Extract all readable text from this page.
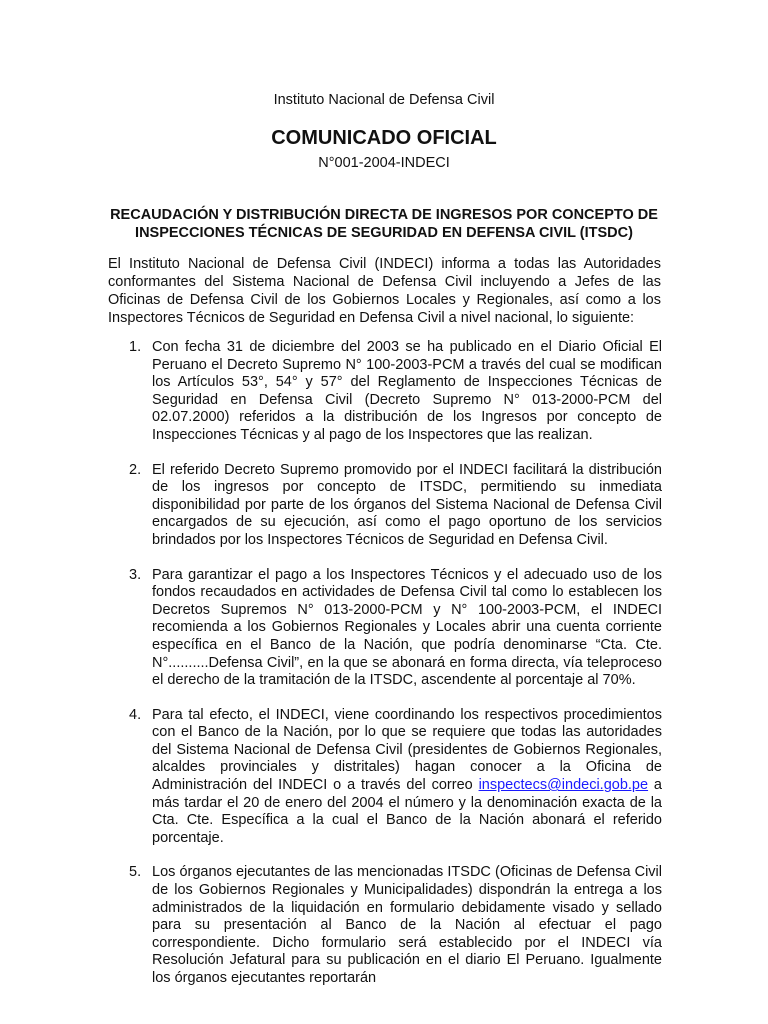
Instituto Nacional de Defensa Civil
COMUNICADO OFICIAL
N°001-2004-INDECI
RECAUDACIÓN Y DISTRIBUCIÓN DIRECTA DE INGRESOS POR CONCEPTO DE INSPECCIONES TÉCNICAS DE SEGURIDAD EN DEFENSA CIVIL (ITSDC)
El Instituto Nacional de Defensa Civil (INDECI) informa a todas las Autoridades conformantes del Sistema Nacional de Defensa Civil incluyendo a Jefes de las Oficinas de Defensa Civil de los Gobiernos Locales y Regionales, así como a los Inspectores Técnicos de Seguridad en Defensa Civil a nivel nacional, lo siguiente:
1. Con fecha 31 de diciembre del 2003 se ha publicado en el Diario Oficial El Peruano el Decreto Supremo N° 100-2003-PCM a través del cual se modifican los Artículos 53°, 54° y 57° del Reglamento de Inspecciones Técnicas de Seguridad en Defensa Civil (Decreto Supremo N° 013-2000-PCM del 02.07.2000) referidos a la distribución de los Ingresos por concepto de Inspecciones Técnicas y al pago de los Inspectores que las realizan.
2. El referido Decreto Supremo promovido por el INDECI facilitará la distribución de los ingresos por concepto de ITSDC, permitiendo su inmediata disponibilidad por parte de los órganos del Sistema Nacional de Defensa Civil encargados de su ejecución, así como el pago oportuno de los servicios brindados por los Inspectores Técnicos de Seguridad en Defensa Civil.
3. Para garantizar el pago a los Inspectores Técnicos y el adecuado uso de los fondos recaudados en actividades de Defensa Civil tal como lo establecen los Decretos Supremos N° 013-2000-PCM y N° 100-2003-PCM, el INDECI recomienda a los Gobiernos Regionales y Locales abrir una cuenta corriente específica en el Banco de la Nación, que podría denominarse “Cta. Cte. N°..........Defensa Civil”, en la que se abonará en forma directa, vía teleproceso el derecho de la tramitación de la ITSDC, ascendente al porcentaje al 70%.
4. Para tal efecto, el INDECI, viene coordinando los respectivos procedimientos con el Banco de la Nación, por lo que se requiere que todas las autoridades del Sistema Nacional de Defensa Civil (presidentes de Gobiernos Regionales, alcaldes provinciales y distritales) hagan conocer a la Oficina de Administración del INDECI o a través del correo inspectecs@indeci.gob.pe a más tardar el 20 de enero del 2004 el número y la denominación exacta de la Cta. Cte. Específica a la cual el Banco de la Nación abonará el referido porcentaje.
5. Los órganos ejecutantes de las mencionadas ITSDC (Oficinas de Defensa Civil de los Gobiernos Regionales y Municipalidades) dispondrán la entrega a los administrados de la liquidación en formulario debidamente visado y sellado para su presentación al Banco de la Nación al efectuar el pago correspondiente. Dicho formulario será establecido por el INDECI vía Resolución Jefatural para su publicación en el diario El Peruano. Igualmente los órganos ejecutantes reportarán
